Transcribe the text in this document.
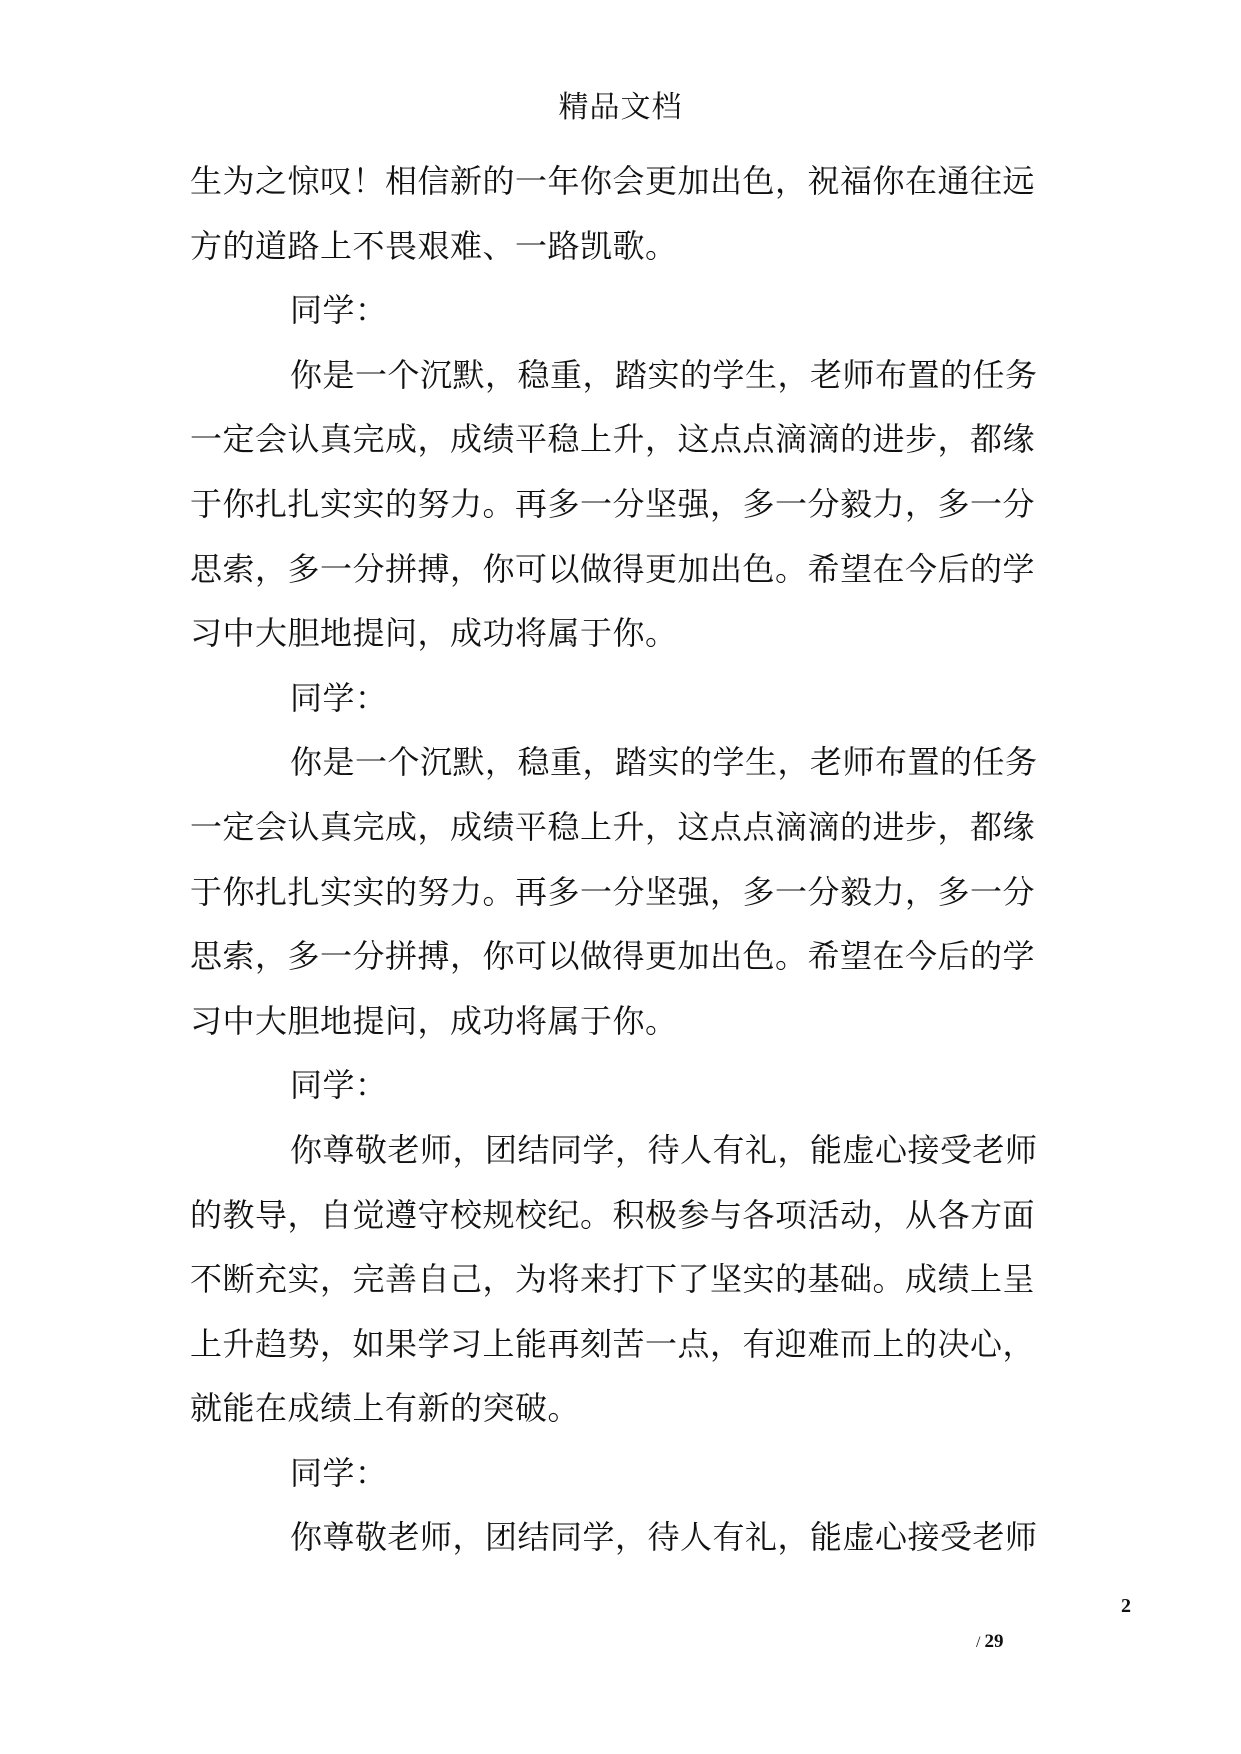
精品文档
生为之惊叹！相信新的一年你会更加出色，祝福你在通往远
方的道路上不畏艰难、一路凯歌。
同学：
你是一个沉默，稳重，踏实的学生，老师布置的任务
一定会认真完成，成绩平稳上升，这点点滴滴的进步，都缘
于你扎扎实实的努力。再多一分坚强，多一分毅力，多一分
思索，多一分拼搏，你可以做得更加出色。希望在今后的学
习中大胆地提问，成功将属于你。
同学：
你是一个沉默，稳重，踏实的学生，老师布置的任务
一定会认真完成，成绩平稳上升，这点点滴滴的进步，都缘
于你扎扎实实的努力。再多一分坚强，多一分毅力，多一分
思索，多一分拼搏，你可以做得更加出色。希望在今后的学
习中大胆地提问，成功将属于你。
同学：
你尊敬老师，团结同学，待人有礼，能虚心接受老师
的教导，自觉遵守校规校纪。积极参与各项活动，从各方面
不断充实，完善自己，为将来打下了坚实的基础。成绩上呈
上升趋势，如果学习上能再刻苦一点，有迎难而上的决心，
就能在成绩上有新的突破。
同学：
你尊敬老师，团结同学，待人有礼，能虚心接受老师
2
/ 29
